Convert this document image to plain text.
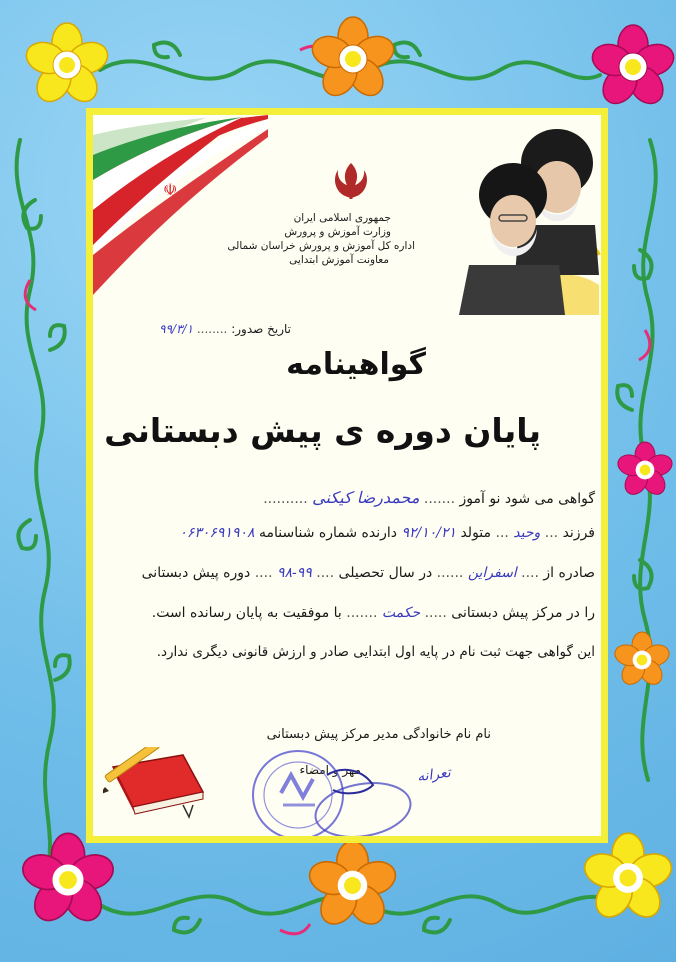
☫
جمهوری اسلامی ایران
وزارت آموزش و پرورش
اداره کل آموزش و پرورش خراسان شمالی
معاونت آموزش ابتدایی
تاریخ صدور: ........ ۹۹/۳/۱
گواهینامه
پایان دوره ی پیش دبستانی
گواهی می شود نو آموز ....... محمدرضا کیکنی ..........
فرزند ... وحید ... متولد ۹۲/۱۰/۲۱ دارنده شماره شناسنامه ۰۶۳۰۶۹۱۹۰۸
صادره از .... اسفراین ...... در سال تحصیلی .... ۹۹-۹۸ .... دوره پیش دبستانی
را در مرکز پیش دبستانی ..... حکمت ....... با موفقیت به پایان رسانده است.
این گواهی جهت ثبت نام در پایه اول ابتدایی صادر و ارزش قانونی دیگری ندارد.
نام نام خانوادگی مدیر مرکز پیش دبستانی
مهر و امضاء	تعرانه
